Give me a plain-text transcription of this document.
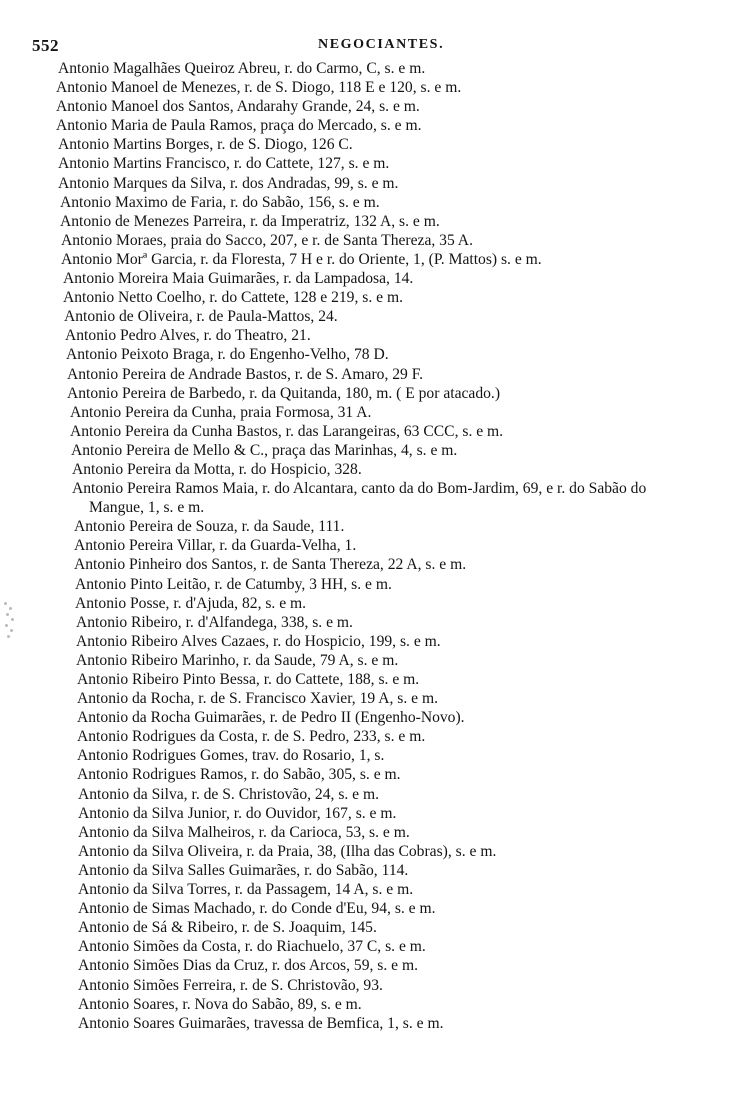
552	NEGOCIANTES.
Antonio Magalhães Queiroz Abreu, r. do Carmo, C, s. e m.
Antonio Manoel de Menezes, r. de S. Diogo, 118 E e 120, s. e m.
Antonio Manoel dos Santos, Andarahy Grande, 24, s. e m.
Antonio Maria de Paula Ramos, praça do Mercado, s. e m.
Antonio Martins Borges, r. de S. Diogo, 126 C.
Antonio Martins Francisco, r. do Cattete, 127, s. e m.
Antonio Marques da Silva, r. dos Andradas, 99, s. e m.
Antonio Maximo de Faria, r. do Sabão, 156, s. e m.
Antonio de Menezes Parreira, r. da Imperatriz, 132 A, s. e m.
Antonio Moraes, praia do Sacco, 207, e r. de Santa Thereza, 35 A.
Antonio Morª Garcia, r. da Floresta, 7 H e r. do Oriente, 1, (P. Mattos) s. e m.
Antonio Moreira Maia Guimarães, r. da Lampadosa, 14.
Antonio Netto Coelho, r. do Cattete, 128 e 219, s. e m.
Antonio de Oliveira, r. de Paula-Mattos, 24.
Antonio Pedro Alves, r. do Theatro, 21.
Antonio Peixoto Braga, r. do Engenho-Velho, 78 D.
Antonio Pereira de Andrade Bastos, r. de S. Amaro, 29 F.
Antonio Pereira de Barbedo, r. da Quitanda, 180, m. ( E por atacado.)
Antonio Pereira da Cunha, praia Formosa, 31 A.
Antonio Pereira da Cunha Bastos, r. das Larangeiras, 63 CCC, s. e m.
Antonio Pereira de Mello & C., praça das Marinhas, 4, s. e m.
Antonio Pereira da Motta, r. do Hospicio, 328.
Antonio Pereira Ramos Maia, r. do Alcantara, canto da do Bom-Jardim, 69, e r. do Sabão do Mangue, 1, s. e m.
Antonio Pereira de Souza, r. da Saude, 111.
Antonio Pereira Villar, r. da Guarda-Velha, 1.
Antonio Pinheiro dos Santos, r. de Santa Thereza, 22 A, s. e m.
Antonio Pinto Leitão, r. de Catumby, 3 HH, s. e m.
Antonio Posse, r. d'Ajuda, 82, s. e m.
Antonio Ribeiro, r. d'Alfandega, 338, s. e m.
Antonio Ribeiro Alves Cazaes, r. do Hospicio, 199, s. e m.
Antonio Ribeiro Marinho, r. da Saude, 79 A, s. e m.
Antonio Ribeiro Pinto Bessa, r. do Cattete, 188, s. e m.
Antonio da Rocha, r. de S. Francisco Xavier, 19 A, s. e m.
Antonio da Rocha Guimarães, r. de Pedro II (Engenho-Novo).
Antonio Rodrigues da Costa, r. de S. Pedro, 233, s. e m.
Antonio Rodrigues Gomes, trav. do Rosario, 1, s.
Antonio Rodrigues Ramos, r. do Sabão, 305, s. e m.
Antonio da Silva, r. de S. Christovão, 24, s. e m.
Antonio da Silva Junior, r. do Ouvidor, 167, s. e m.
Antonio da Silva Malheiros, r. da Carioca, 53, s. e m.
Antonio da Silva Oliveira, r. da Praia, 38, (Ilha das Cobras), s. e m.
Antonio da Silva Salles Guimarães, r. do Sabão, 114.
Antonio da Silva Torres, r. da Passagem, 14 A, s. e m.
Antonio de Simas Machado, r. do Conde d'Eu, 94, s. e m.
Antonio de Sá & Ribeiro, r. de S. Joaquim, 145.
Antonio Simões da Costa, r. do Riachuelo, 37 C, s. e m.
Antonio Simões Dias da Cruz, r. dos Arcos, 59, s. e m.
Antonio Simões Ferreira, r. de S. Christovão, 93.
Antonio Soares, r. Nova do Sabão, 89, s. e m.
Antonio Soares Guimarães, travessa de Bemfica, 1, s. e m.
